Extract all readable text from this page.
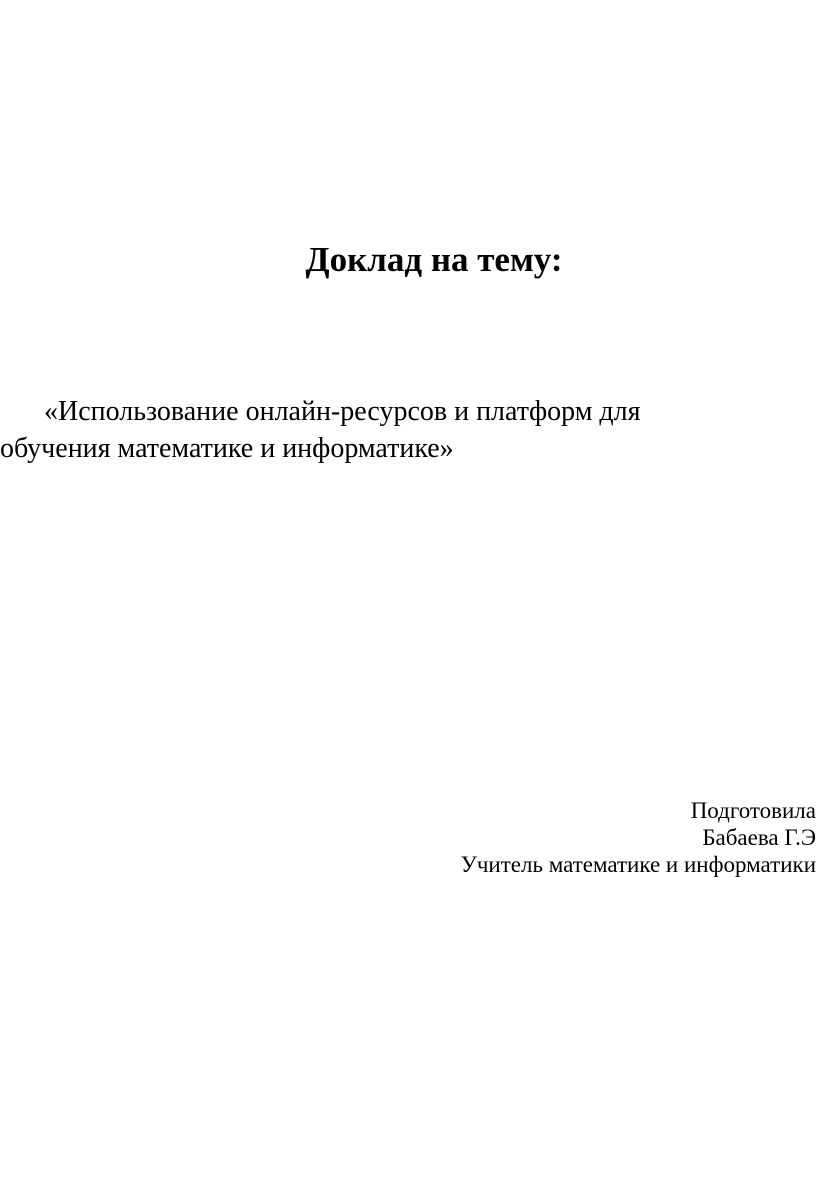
Доклад на тему:
«Использование онлайн-ресурсов и платформ для
обучения математике и информатике»
Подготовила
Бабаева Г.Э
Учитель математике и информатики
